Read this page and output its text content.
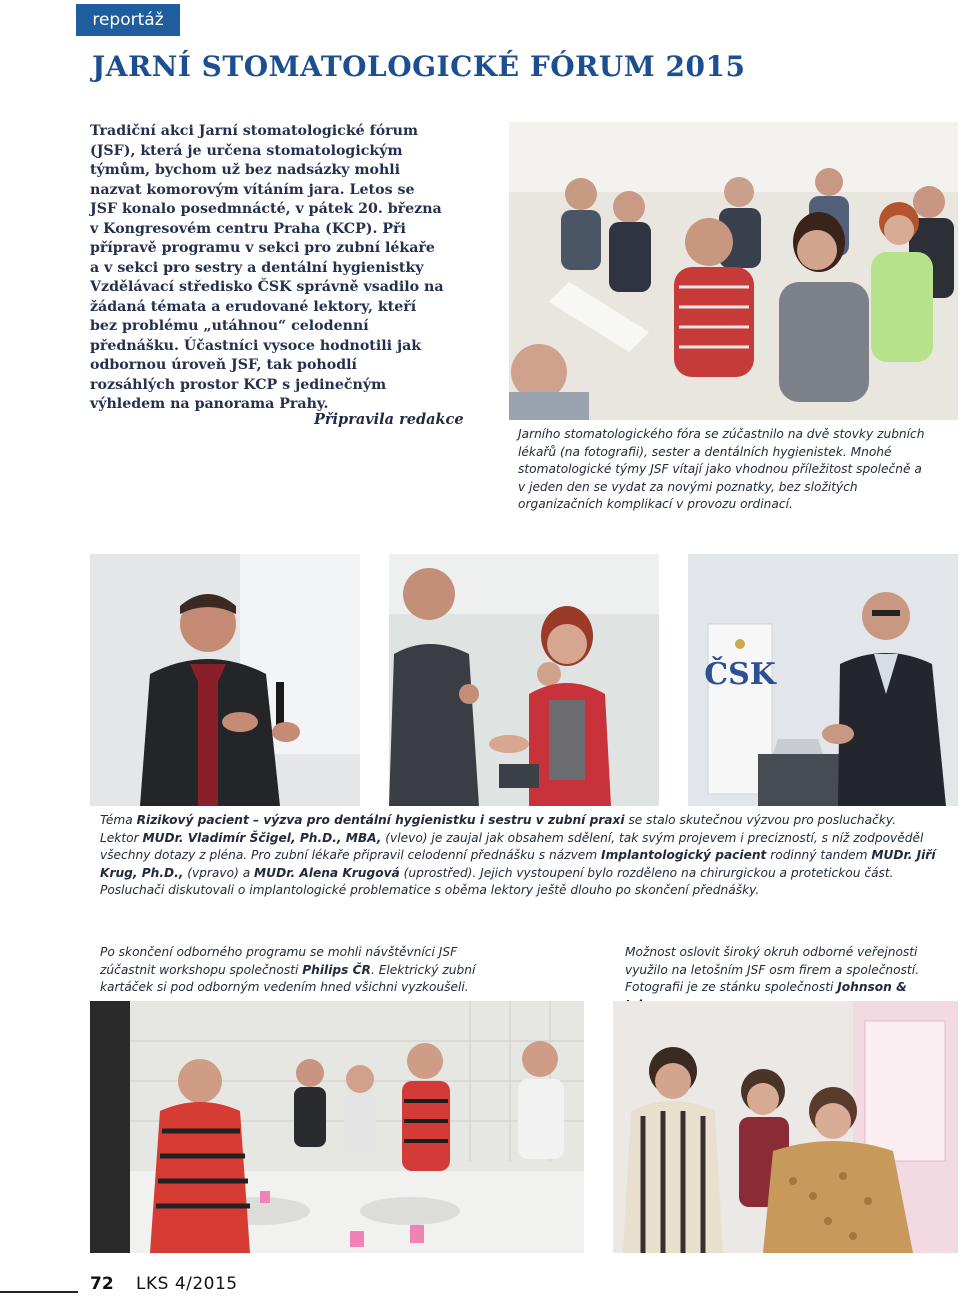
reportáž
JARNÍ STOMATOLOGICKÉ FÓRUM 2015
Tradiční akci Jarní stomatologické fórum (JSF), která je určena stomatologickým týmům, bychom už bez nadsázky mohli nazvat komorovým vítáním jara. Letos se JSF konalo posedmnácté, v pátek 20. března v Kongresovém centru Praha (KCP). Při přípravě programu v sekci pro zubní lékaře a v sekci pro sestry a dentální hygienistky Vzdělávací středisko ČSK správně vsadilo na žádaná témata a erudované lektory, kteří bez problému „utáhnou“ celodenní přednášku. Účastníci vysoce hodnotili jak odbornou úroveň JSF, tak pohodlí rozsáhlých prostor KCP s jedinečným výhledem na panorama Prahy.
Připravila redakce
Jarního stomatologického fóra se zúčastnilo na dvě stovky zubních lékařů (na fotografii), sester a dentálních hygienistek. Mnohé stomatologické týmy JSF vítají jako vhodnou příležitost společně a v jeden den se vydat za novými poznatky, bez složitých organizačních komplikací v provozu ordinací.
ČSK
Téma Rizikový pacient – výzva pro dentální hygienistku i sestru v zubní praxi se stalo skutečnou výzvou pro posluchačky. Lektor MUDr. Vladimír Ščigel, Ph.D., MBA, (vlevo) je zaujal jak obsahem sdělení, tak svým projevem i precizností, s níž zodpověděl všechny dotazy z pléna. Pro zubní lékaře připravil celodenní přednášku s názvem Implantologický pacient rodinný tandem MUDr. Jiří Krug, Ph.D., (vpravo) a MUDr. Alena Krugová (uprostřed). Jejich vystoupení bylo rozděleno na chirurgickou a protetickou část. Posluchači diskutovali o implantologické problematice s oběma lektory ještě dlouho po skončení přednášky.
Po skončení odborného programu se mohli návštěvníci JSF zúčastnit workshopu společnosti Philips ČR. Elektrický zubní kartáček si pod odborným vedením hned všichni vyzkoušeli.
Možnost oslovit široký okruh odborné veřejnosti využilo na letošním JSF osm firem a společností. Fotografii je ze stánku společnosti Johnson &
72 LKS 4/2015
